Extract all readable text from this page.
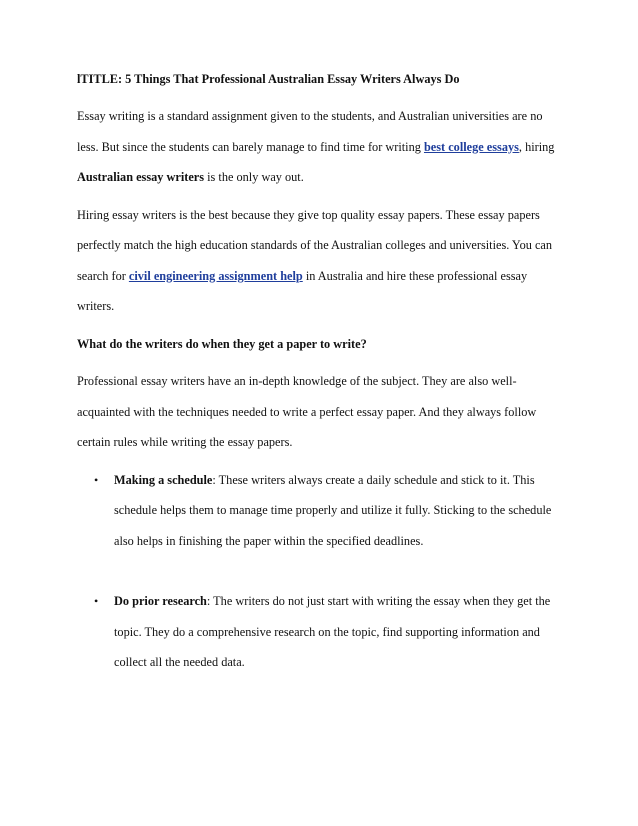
lTITLE: 5 Things That Professional Australian Essay Writers Always Do

Essay writing is a standard assignment given to the students, and Australian universities are no less. But since the students can barely manage to find time for writing best college essays, hiring Australian essay writers is the only way out.

Hiring essay writers is the best because they give top quality essay papers. These essay papers perfectly match the high education standards of the Australian colleges and universities. You can search for civil engineering assignment help in Australia and hire these professional essay writers.

What do the writers do when they get a paper to write?

Professional essay writers have an in-depth knowledge of the subject. They are also well-acquainted with the techniques needed to write a perfect essay paper. And they always follow certain rules while writing the essay papers.

• Making a schedule: These writers always create a daily schedule and stick to it. This schedule helps them to manage time properly and utilize it fully. Sticking to the schedule also helps in finishing the paper within the specified deadlines.
• Do prior research: The writers do not just start with writing the essay when they get the topic. They do a comprehensive research on the topic, find supporting information and collect all the needed data.
